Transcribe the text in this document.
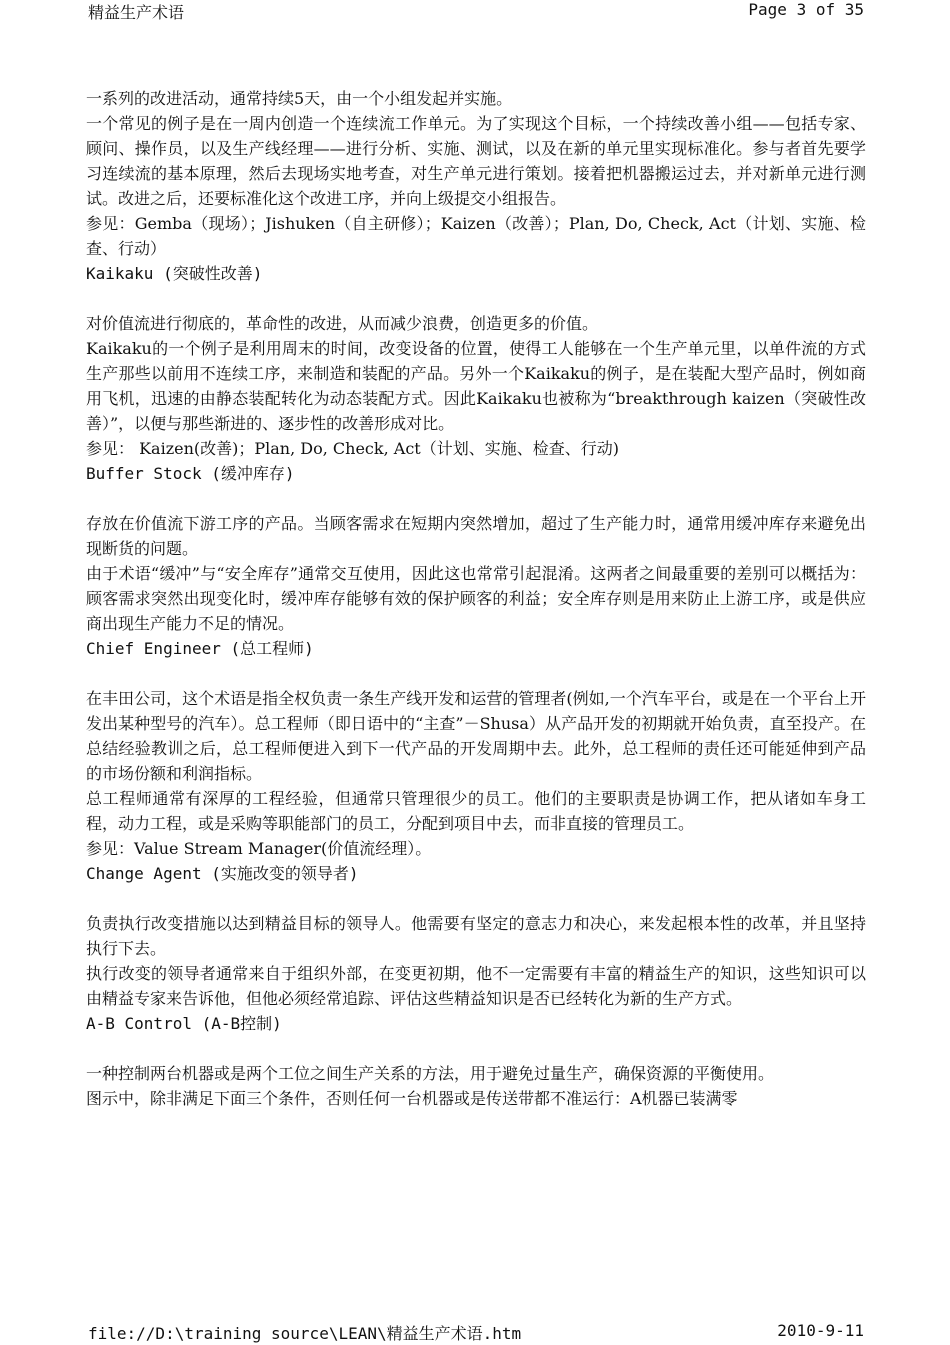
精益生产术语	Page 3 of 35

一系列的改进活动，通常持续5天，由一个小组发起并实施。

一个常见的例子是在一周内创造一个连续流工作单元。为了实现这个目标，一个持续改善小组——包括专家、顾问、操作员，以及生产线经理——进行分析、实施、测试，以及在新的单元里实现标准化。参与者首先要学习连续流的基本原理，然后去现场实地考查，对生产单元进行策划。接着把机器搬运过去，并对新单元进行测试。改进之后，还要标准化这个改进工序，并向上级提交小组报告。

参见：Gemba（现场）；Jishuken（自主研修）；Kaizen（改善）；Plan, Do, Check, Act（计划、实施、检查、行动）

Kaikaku (突破性改善)

对价值流进行彻底的，革命性的改进，从而减少浪费，创造更多的价值。

Kaikaku的一个例子是利用周末的时间，改变设备的位置，使得工人能够在一个生产单元里，以单件流的方式生产那些以前用不连续工序，来制造和装配的产品。另外一个Kaikaku的例子，是在装配大型产品时，例如商用飞机，迅速的由静态装配转化为动态装配方式。因此Kaikaku也被称为“breakthrough kaizen（突破性改善）”，以便与那些渐进的、逐步性的改善形成对比。

参见： Kaizen(改善)；Plan, Do, Check, Act（计划、实施、检查、行动)

Buffer Stock (缓冲库存)

存放在价值流下游工序的产品。当顾客需求在短期内突然增加，超过了生产能力时，通常用缓冲库存来避免出现断货的问题。

由于术语“缓冲”与“安全库存”通常交互使用，因此这也常常引起混淆。这两者之间最重要的差别可以概括为：顾客需求突然出现变化时，缓冲库存能够有效的保护顾客的利益；安全库存则是用来防止上游工序，或是供应商出现生产能力不足的情况。

Chief Engineer (总工程师)

在丰田公司，这个术语是指全权负责一条生产线开发和运营的管理者(例如,一个汽车平台，或是在一个平台上开发出某种型号的汽车）。总工程师（即日语中的“主查”－Shusa）从产品开发的初期就开始负责，直至投产。在总结经验教训之后，总工程师便进入到下一代产品的开发周期中去。此外，总工程师的责任还可能延伸到产品的市场份额和利润指标。

总工程师通常有深厚的工程经验，但通常只管理很少的员工。他们的主要职责是协调工作，把从诸如车身工程，动力工程，或是采购等职能部门的员工，分配到项目中去，而非直接的管理员工。

参见：Value Stream Manager(价值流经理）。

Change Agent (实施改变的领导者)

负责执行改变措施以达到精益目标的领导人。他需要有坚定的意志力和决心，来发起根本性的改革，并且坚持执行下去。

执行改变的领导者通常来自于组织外部，在变更初期，他不一定需要有丰富的精益生产的知识，这些知识可以由精益专家来告诉他，但他必须经常追踪、评估这些精益知识是否已经转化为新的生产方式。

A-B Control (A-B控制)

一种控制两台机器或是两个工位之间生产关系的方法，用于避免过量生产，确保资源的平衡使用。

图示中，除非满足下面三个条件，否则任何一台机器或是传送带都不准运行：A机器已装满零

file://D:\training source\LEAN\精益生产术语.htm	2010-9-11
